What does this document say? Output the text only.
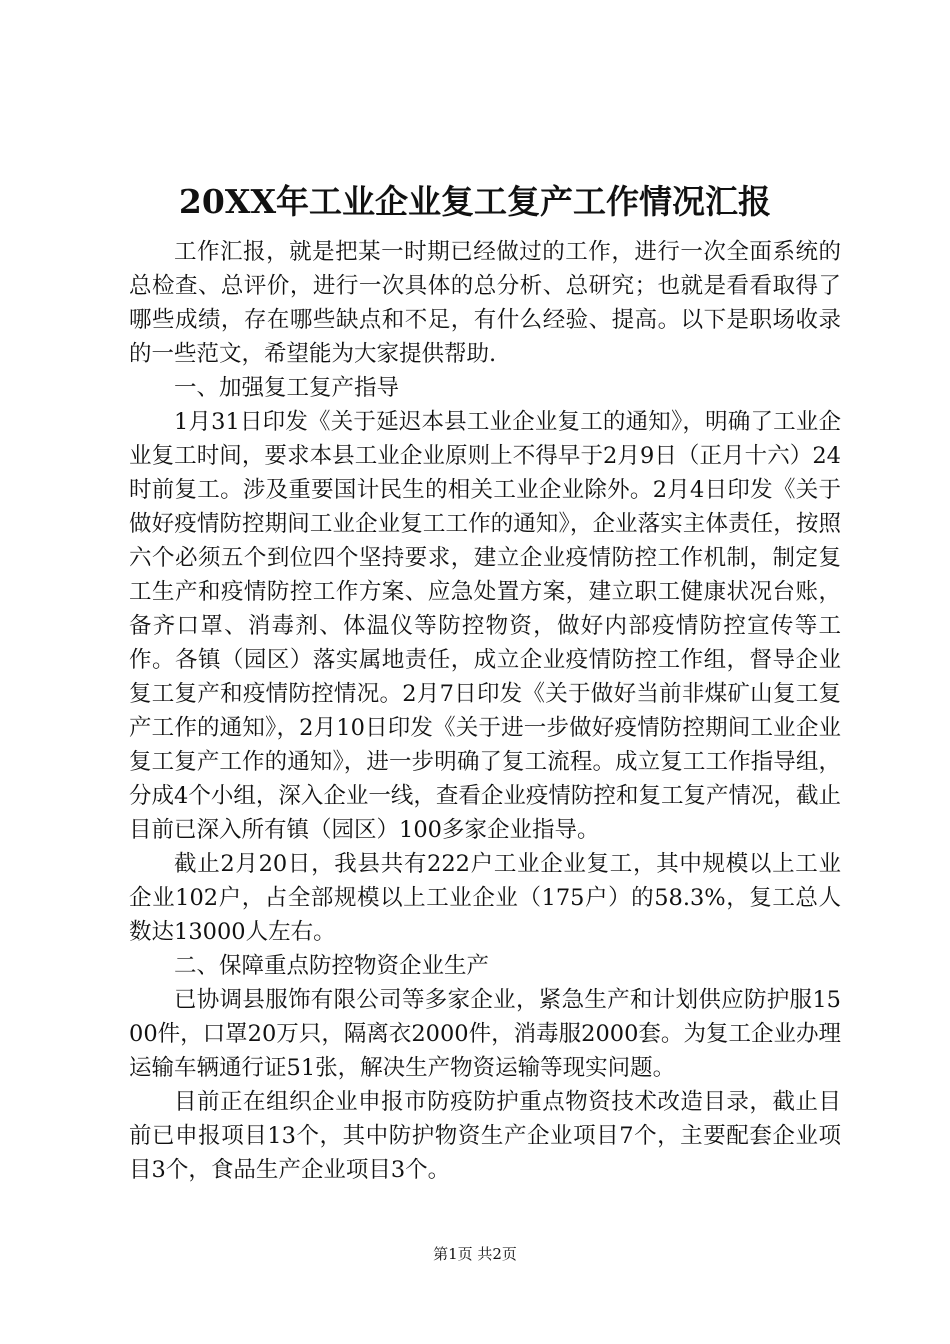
20XX年工业企业复工复产工作情况汇报

工作汇报，就是把某一时期已经做过的工作，进行一次全面系统的总检查、总评价，进行一次具体的总分析、总研究；也就是看看取得了哪些成绩，存在哪些缺点和不足，有什么经验、提高。以下是职场收录的一些范文，希望能为大家提供帮助.

一、加强复工复产指导

1月31日印发《关于延迟本县工业企业复工的通知》，明确了工业企业复工时间，要求本县工业企业原则上不得早于2月9日（正月十六）24时前复工。涉及重要国计民生的相关工业企业除外。2月4日印发《关于做好疫情防控期间工业企业复工工作的通知》，企业落实主体责任，按照六个必须五个到位四个坚持要求，建立企业疫情防控工作机制，制定复工生产和疫情防控工作方案、应急处置方案，建立职工健康状况台账，备齐口罩、消毒剂、体温仪等防控物资，做好内部疫情防控宣传等工作。各镇（园区）落实属地责任，成立企业疫情防控工作组，督导企业复工复产和疫情防控情况。2月7日印发《关于做好当前非煤矿山复工复产工作的通知》，2月10日印发《关于进一步做好疫情防控期间工业企业复工复产工作的通知》，进一步明确了复工流程。成立复工工作指导组，分成4个小组，深入企业一线，查看企业疫情防控和复工复产情况，截止目前已深入所有镇（园区）100多家企业指导。

截止2月20日，我县共有222户工业企业复工，其中规模以上工业企业102户，占全部规模以上工业企业（175户）的58.3%，复工总人数达13000人左右。

二、保障重点防控物资企业生产

已协调县服饰有限公司等多家企业，紧急生产和计划供应防护服1500件，口罩20万只，隔离衣2000件，消毒服2000套。为复工企业办理运输车辆通行证51张，解决生产物资运输等现实问题。

目前正在组织企业申报市防疫防护重点物资技术改造目录，截止目前已申报项目13个，其中防护物资生产企业项目7个，主要配套企业项目3个，食品生产企业项目3个。

第1页 共2页
